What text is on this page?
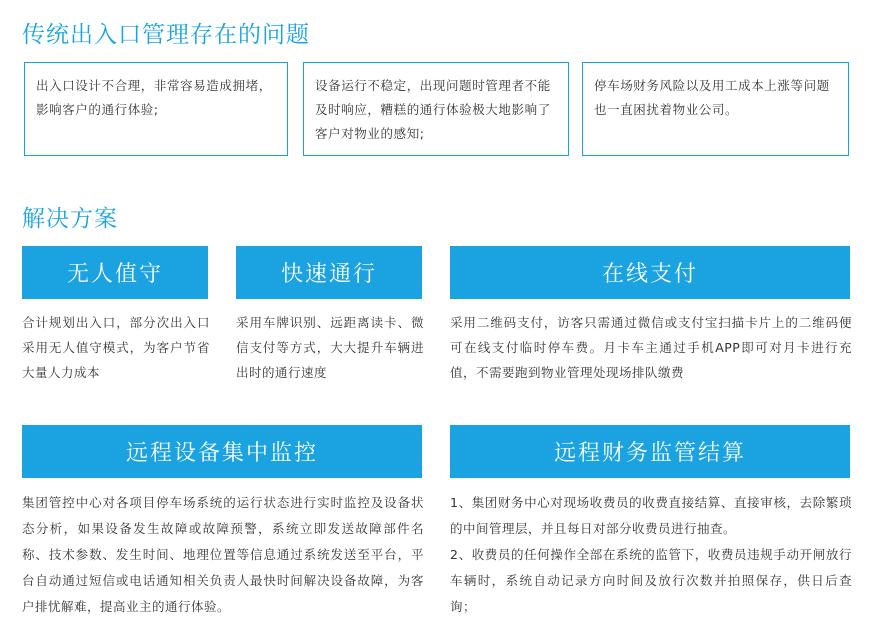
传统出入口管理存在的问题
出入口设计不合理，非常容易造成拥堵，影响客户的通行体验;
设备运行不稳定，出现问题时管理者不能及时响应，糟糕的通行体验极大地影响了客户对物业的感知;
停车场财务风险以及用工成本上涨等问题也一直困扰着物业公司。
解决方案
无人值守	快速通行	在线支付

合计规划出入口，部分次出入口采用无人值守模式，为客户节省大量人力成本

采用车牌识别、远距离读卡、微信支付等方式，大大提升车辆进出时的通行速度

采用二维码支付，访客只需通过微信或支付宝扫描卡片上的二维码便可在线支付临时停车费。月卡车主通过手机APP即可对月卡进行充值，不需要跑到物业管理处现场排队缴费

远程设备集中监控	远程财务监管结算

集团管控中心对各项目停车场系统的运行状态进行实时监控及设备状态分析，如果设备发生故障或故障预警，系统立即发送故障部件名称、技术参数、发生时间、地理位置等信息通过系统发送至平台，平台自动通过短信或电话通知相关负责人最快时间解决设备故障，为客户排忧解难，提高业主的通行体验。

1、集团财务中心对现场收费员的收费直接结算、直接审核，去除繁琐的中间管理层，并且每日对部分收费员进行抽查。
2、收费员的任何操作全部在系统的监管下，收费员违规手动开闸放行车辆时，系统自动记录方向时间及放行次数并拍照保存，供日后查询；
